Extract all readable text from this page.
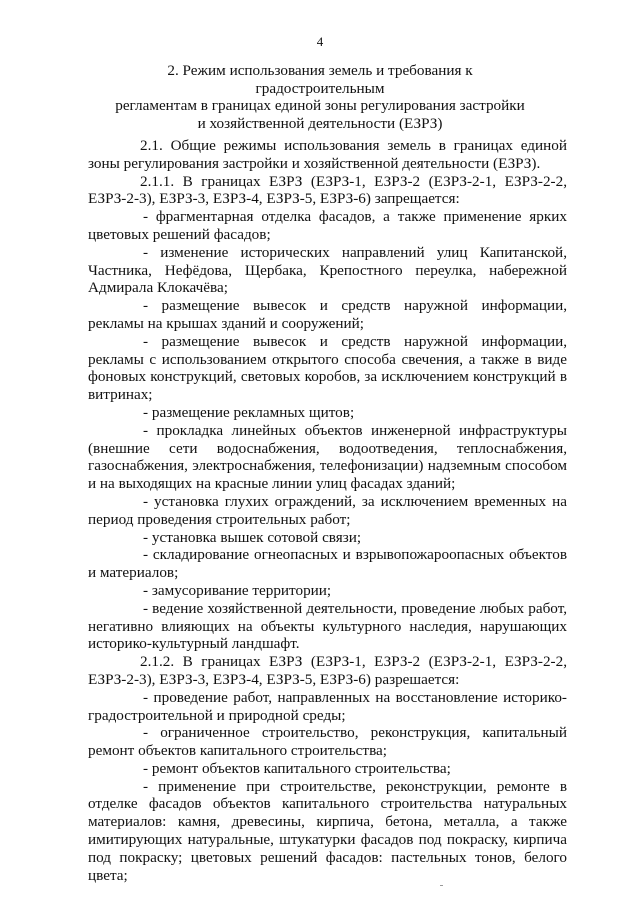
4
2. Режим использования земель и требования к градостроительным
регламентам в границах единой зоны регулирования застройки
и хозяйственной деятельности (ЕЗРЗ)

2.1. Общие режимы использования земель в границах единой зоны регулирования застройки и хозяйственной деятельности (ЕЗРЗ).

2.1.1. В границах ЕЗРЗ (ЕЗРЗ-1, ЕЗРЗ-2 (ЕЗРЗ-2-1, ЕЗРЗ-2-2, ЕЗРЗ-2-3), ЕЗРЗ-3, ЕЗРЗ-4, ЕЗРЗ-5, ЕЗРЗ-6) запрещается:

- фрагментарная отделка фасадов, а также применение ярких цветовых решений фасадов;

- изменение исторических направлений улиц Капитанской, Частника, Нефёдова, Щербака, Крепостного переулка, набережной Адмирала Клокачёва;

- размещение вывесок и средств наружной информации, рекламы на крышах зданий и сооружений;

- размещение вывесок и средств наружной информации, рекламы с использованием открытого способа свечения, а также в виде фоновых конструкций, световых коробов, за исключением конструкций в витринах;

- размещение рекламных щитов;

- прокладка линейных объектов инженерной инфраструктуры (внешние сети водоснабжения, водоотведения, теплоснабжения, газоснабжения, электроснабжения, телефонизации) надземным способом и на выходящих на красные линии улиц фасадах зданий;

- установка глухих ограждений, за исключением временных на период проведения строительных работ;

- установка вышек сотовой связи;

- складирование огнеопасных и взрывопожароопасных объектов и материалов;

- замусоривание территории;

- ведение хозяйственной деятельности, проведение любых работ, негативно влияющих на объекты культурного наследия, нарушающих историко-культурный ландшафт.

2.1.2. В границах ЕЗРЗ (ЕЗРЗ-1, ЕЗРЗ-2 (ЕЗРЗ-2-1, ЕЗРЗ-2-2, ЕЗРЗ-2-3), ЕЗРЗ-3, ЕЗРЗ-4, ЕЗРЗ-5, ЕЗРЗ-6) разрешается:

- проведение работ, направленных на восстановление историко-градостроительной и природной среды;

- ограниченное строительство, реконструкция, капитальный ремонт объектов капитального строительства;

- ремонт объектов капитального строительства;

- применение при строительстве, реконструкции, ремонте в отделке фасадов объектов капитального строительства натуральных материалов: камня, древесины, кирпича, бетона, металла, а также имитирующих натуральные, штукатурки фасадов под покраску, кирпича под покраску; цветовых решений фасадов: пастельных тонов, белого цвета;
